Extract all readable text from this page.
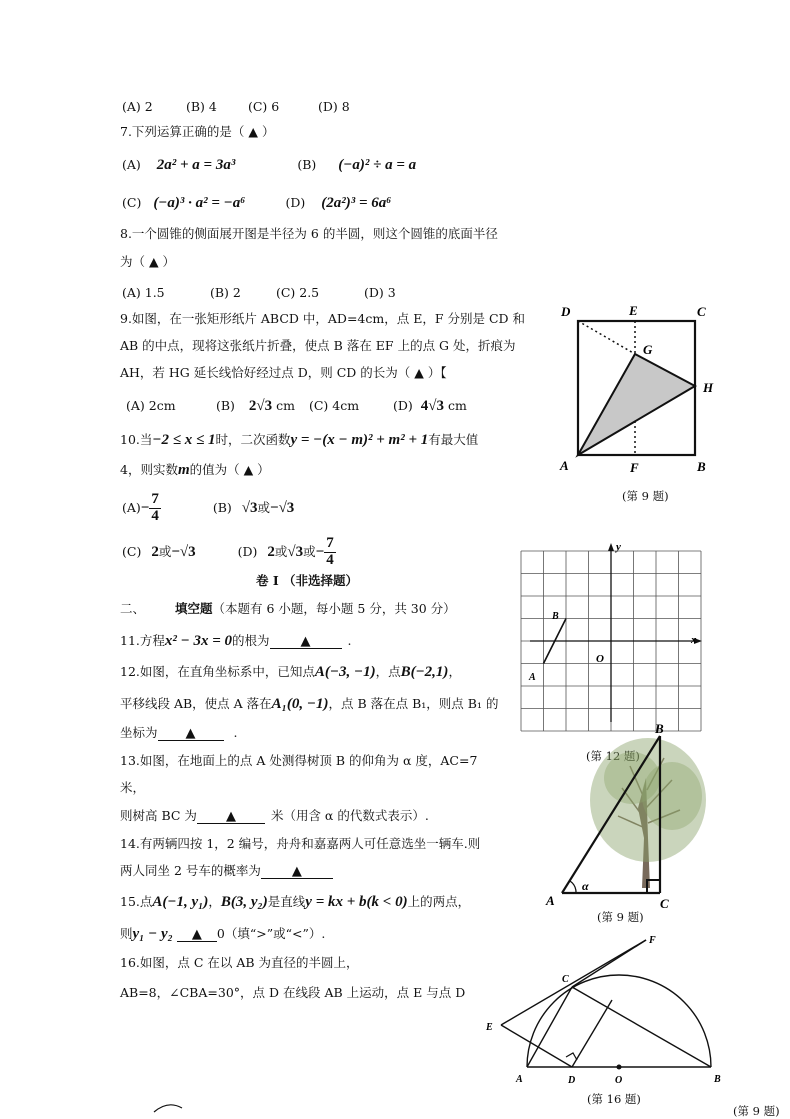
(A) 2	(B) 4 (C) 6	(D) 8
7.下列运算正确的是（ ▲ ）
(A) 2a² + a = 3a³	(B) (−a)² ÷ a = a
(C) (−a)³ · a² = −a⁶	(D) (2a²)³ = 6a⁶
8.一个圆锥的侧面展开图是半径为 6 的半圆，则这个圆锥的底面半径
为（ ▲ ）
(A) 1.5	(B) 2	(C) 2.5	(D) 3
9.如图，在一张矩形纸片 ABCD 中，AD=4cm，点 E，F 分别是 CD 和
AB 的中点，现将这张纸片折叠，使点 B 落在 EF 上的点 G 处，折痕为
AH，若 HG 延长线恰好经过点 D，则 CD 的长为（ ▲ ）【
(A) 2cm	(B) 2√3 cm (C) 4cm	(D) 4√3 cm
10.当−2 ≤ x ≤ 1时，二次函数y = −(x − m)² + m² + 1有最大值
4，则实数m的值为（ ▲ ）
$(A)- \frac{7}{4}$	(B) √3或−√3
(C) 2或−√3	(D) 2或√3或− $\frac{7}{4}$
卷 I （非选择题）
二、 填空题（本题有 6 小题，每小题 5 分，共 30 分）
11.方程x² − 3x = 0的根为 ▲	.
12.如图，在直角坐标系中，已知点A(−3, −1)，点B(−2,1)，
平移线段 AB，使点 A 落在A₁(0, −1)，点 B 落在点 B₁，则点 B₁ 的
坐标为 ▲	.
13.如图，在地面上的点 A 处测得树顶 B 的仰角为 α 度，AC=7
米，
则树高 BC 为 ▲	米（用含 α 的代数式表示）.
14.有两辆四按 1，2 编号，舟舟和嘉嘉两人可任意选坐一辆车.则
两人同坐 2 号车的概率为 ▲
15.点A(−1, y₁)，B(3, y₂)是直线y = kx + b(k < 0)上的两点，
则y₁ − y₂ ▲ 0（填“>”或“<”）.
16.如图，点 C 在以 AB 为直径的半圆上，
AB=8，∠CBA=30°，点 D 在线段 AB 上运动，点 E 与点 D
D	E	C
G
H
A	F	B
(第 9 题)
y
x
O
B
A
(第 12 题)
α
B
A	C
(第 9 题)
F
C
E
A	D	O	B
(第 16 题)
(第 9 题)
